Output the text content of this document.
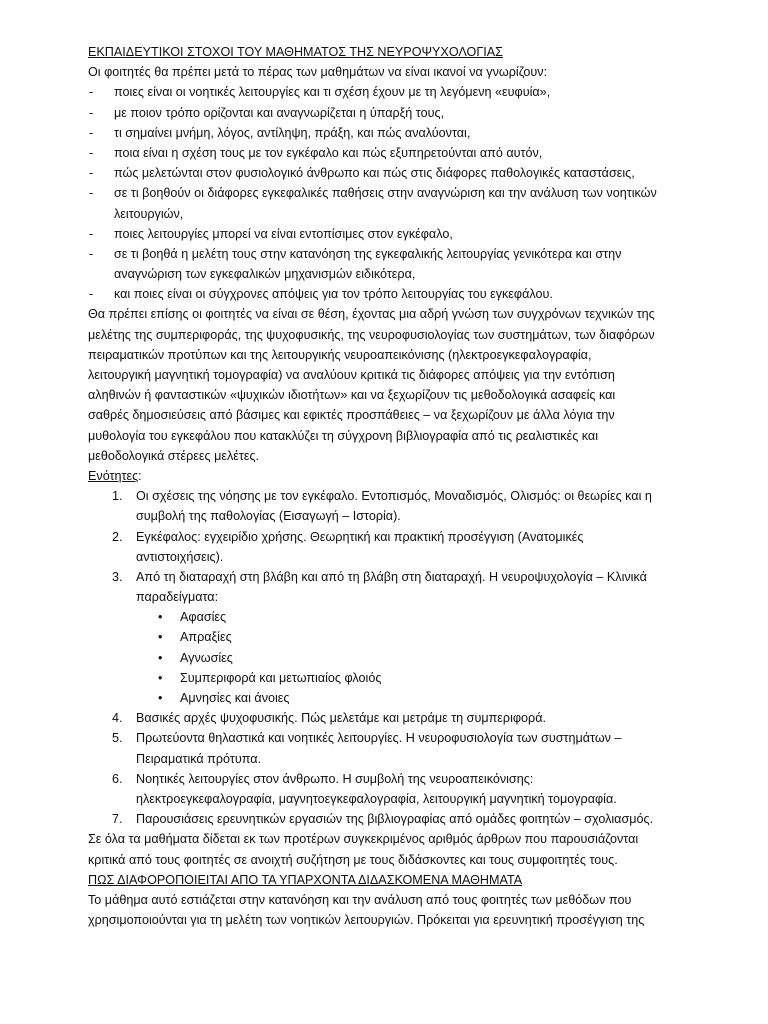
ΕΚΠΑΙΔΕΥΤΙΚΟΙ ΣΤΟΧΟΙ ΤΟΥ ΜΑΘΗΜΑΤΟΣ ΤΗΣ ΝΕΥΡΟΨΥΧΟΛΟΓΙΑΣ
Οι φοιτητές θα πρέπει μετά το πέρας των μαθημάτων να είναι ικανοί να γνωρίζουν:
- ποιες είναι οι νοητικές λειτουργίες και τι σχέση έχουν με τη λεγόμενη «ευφυία»,
- με ποιον τρόπο ορίζονται και αναγνωρίζεται η ύπαρξή τους,
- τι σημαίνει μνήμη, λόγος, αντίληψη, πράξη, και πώς αναλύονται,
- ποια είναι η σχέση τους με τον εγκέφαλο και πώς εξυπηρετούνται από αυτόν,
- πώς μελετώνται στον φυσιολογικό άνθρωπο και πώς στις διάφορες παθολογικές καταστάσεις,
- σε τι βοηθούν οι διάφορες εγκεφαλικές παθήσεις στην αναγνώριση και την ανάλυση των νοητικών
λειτουργιών,
- ποιες λειτουργίες μπορεί να είναι εντοπίσιμες στον εγκέφαλο,
- σε τι βοηθά η μελέτη τους στην κατανόηση της εγκεφαλικής λειτουργίας γενικότερα και στην
αναγνώριση των εγκεφαλικών μηχανισμών ειδικότερα,
- και ποιες είναι οι σύγχρονες απόψεις για τον τρόπο λειτουργίας του εγκεφάλου.
Θα πρέπει επίσης οι φοιτητές να είναι σε θέση, έχοντας μια αδρή γνώση των συγχρόνων τεχνικών της
μελέτης της συμπεριφοράς, της ψυχοφυσικής, της νευροφυσιολογίας των συστημάτων, των διαφόρων
πειραματικών προτύπων και της λειτουργικής νευροαπεικόνισης (ηλεκτροεγκεφαλογραφία,
λειτουργική μαγνητική τομογραφία) να αναλύουν κριτικά τις διάφορες απόψεις για την εντόπιση
αληθινών ή φανταστικών «ψυχικών ιδιοτήτων» και να ξεχωρίζουν τις μεθοδολογικά ασαφείς και
σαθρές δημοσιεύσεις από βάσιμες και εφικτές προσπάθειες – να ξεχωρίζουν με άλλα λόγια την
μυθολογία του εγκεφάλου που κατακλύζει τη σύγχρονη βιβλιογραφία από τις ρεαλιστικές και
μεθοδολογικά στέρεες μελέτες.
Ενότητες:
1. Οι σχέσεις της νόησης με τον εγκέφαλο. Εντοπισμός, Μοναδισμός, Ολισμός: οι θεωρίες και η
συμβολή της παθολογίας (Εισαγωγή – Ιστορία).
2. Εγκέφαλος: εγχειρίδιο χρήσης. Θεωρητική και πρακτική προσέγγιση (Ανατομικές
αντιστοιχήσεις).
3. Από τη διαταραχή στη βλάβη και από τη βλάβη στη διαταραχή. Η νευροψυχολογία – Κλινικά
παραδείγματα:
• Αφασίες
• Απραξίες
• Αγνωσίες
• Συμπεριφορά και μετωπιαίος φλοιός
• Αμνησίες και άνοιες
4. Βασικές αρχές ψυχοφυσικής. Πώς μελετάμε και μετράμε τη συμπεριφορά.
5. Πρωτεύοντα θηλαστικά και νοητικές λειτουργίες. Η νευροφυσιολογία των συστημάτων –
Πειραματικά πρότυπα.
6. Νοητικές λειτουργίες στον άνθρωπο. Η συμβολή της νευροαπεικόνισης:
ηλεκτροεγκεφαλογραφία, μαγνητοεγκεφαλογραφία, λειτουργική μαγνητική τομογραφία.
7. Παρουσιάσεις ερευνητικών εργασιών της βιβλιογραφίας από ομάδες φοιτητών – σχολιασμός.
Σε όλα τα μαθήματα δίδεται εκ των προτέρων συγκεκριμένος αριθμός άρθρων που παρουσιάζονται
κριτικά από τους φοιτητές σε ανοιχτή συζήτηση με τους διδάσκοντες και τους συμφοιτητές τους.
ΠΩΣ ΔΙΑΦΟΡΟΠΟΙΕΙΤΑΙ ΑΠΟ ΤΑ ΥΠΑΡΧΟΝΤΑ ΔΙΔΑΣΚΟΜΕΝΑ ΜΑΘΗΜΑΤΑ
Το μάθημα αυτό εστιάζεται στην κατανόηση και την ανάλυση από τους φοιτητές των μεθόδων που
χρησιμοποιούνται για τη μελέτη των νοητικών λειτουργιών. Πρόκειται για ερευνητική προσέγγιση της
